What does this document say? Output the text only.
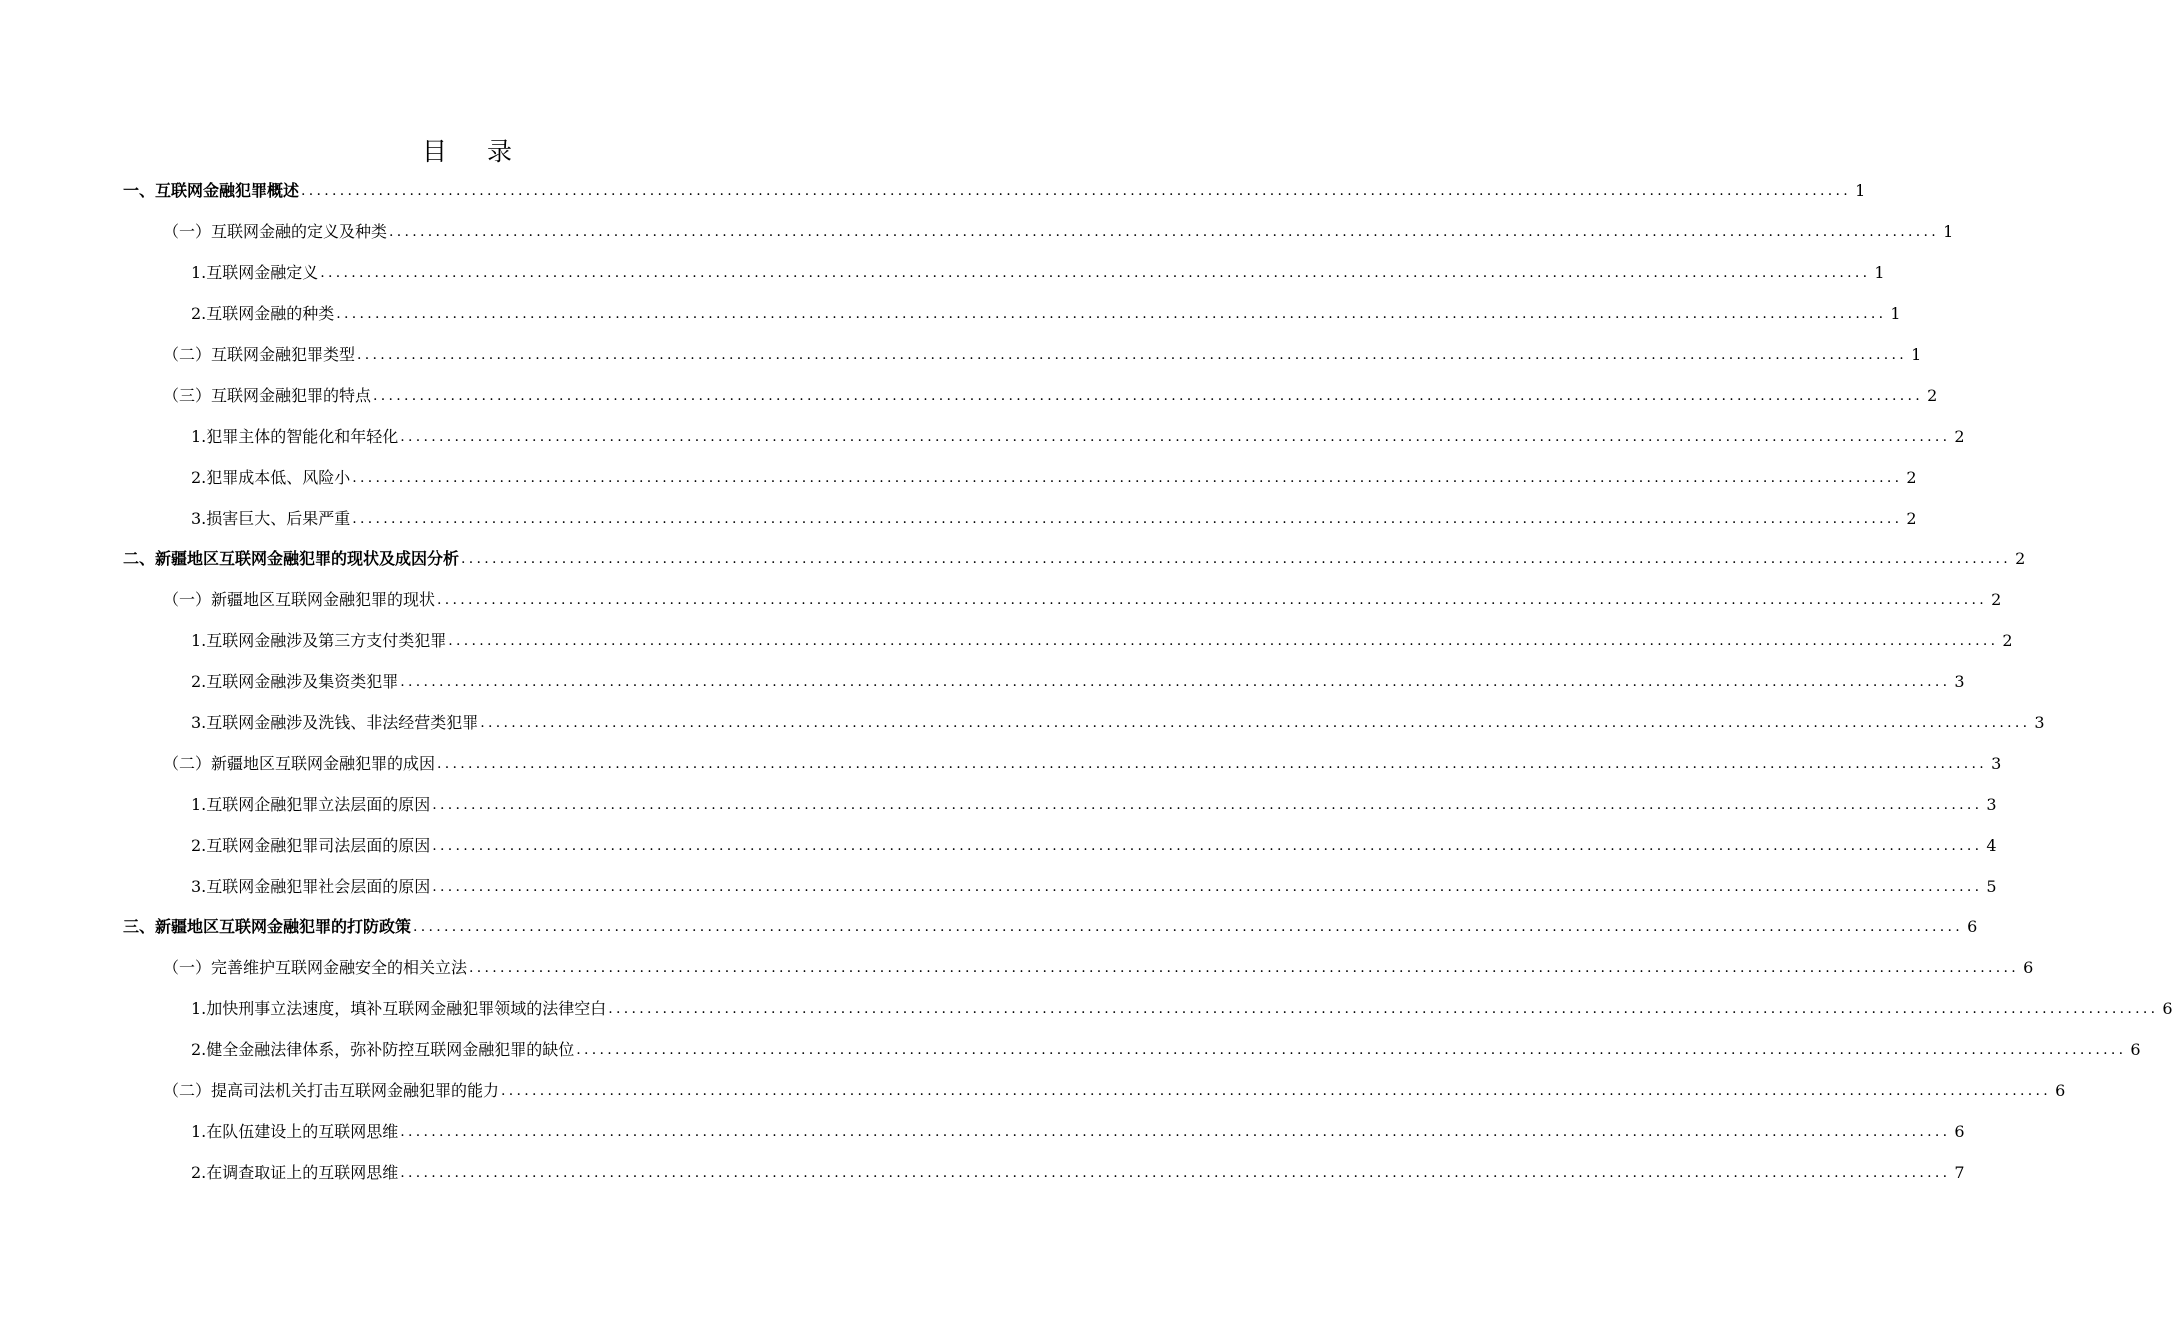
目 录
一、互联网金融犯罪概述 ........................................................................................................................................................................................................ 1
（一）互联网金融的定义及种类 ........................................................................................................................................................................................................ 1
1.互联网金融定义 ........................................................................................................................................................................................................ 1
2.互联网金融的种类 ........................................................................................................................................................................................................ 1
（二）互联网金融犯罪类型 ........................................................................................................................................................................................................ 1
（三）互联网金融犯罪的特点 ........................................................................................................................................................................................................ 2
1.犯罪主体的智能化和年轻化 ........................................................................................................................................................................................................ 2
2.犯罪成本低、风险小 ........................................................................................................................................................................................................ 2
3.损害巨大、后果严重 ........................................................................................................................................................................................................ 2
二、新疆地区互联网金融犯罪的现状及成因分析 ........................................................................................................................................................................................................ 2
（一）新疆地区互联网金融犯罪的现状 ........................................................................................................................................................................................................ 2
1.互联网金融涉及第三方支付类犯罪 ........................................................................................................................................................................................................ 2
2.互联网金融涉及集资类犯罪 ........................................................................................................................................................................................................ 3
3.互联网金融涉及洗钱、非法经营类犯罪 ........................................................................................................................................................................................................ 3
（二）新疆地区互联网金融犯罪的成因 ........................................................................................................................................................................................................ 3
1.互联网企融犯罪立法层面的原因 ........................................................................................................................................................................................................ 3
2.互联网金融犯罪司法层面的原因 ........................................................................................................................................................................................................ 4
3.互联网金融犯罪社会层面的原因 ........................................................................................................................................................................................................ 5
三、新疆地区互联网金融犯罪的打防政策 ........................................................................................................................................................................................................ 6
（一）完善维护互联网金融安全的相关立法 ........................................................................................................................................................................................................ 6
1.加快刑事立法速度，填补互联网金融犯罪领域的法律空白 ........................................................................................................................................................................................................ 6
2.健全金融法律体系，弥补防控互联网金融犯罪的缺位 ........................................................................................................................................................................................................ 6
（二）提高司法机关打击互联网金融犯罪的能力 ........................................................................................................................................................................................................ 6
1.在队伍建设上的互联网思维 ........................................................................................................................................................................................................ 6
2.在调查取证上的互联网思维 ........................................................................................................................................................................................................ 7
